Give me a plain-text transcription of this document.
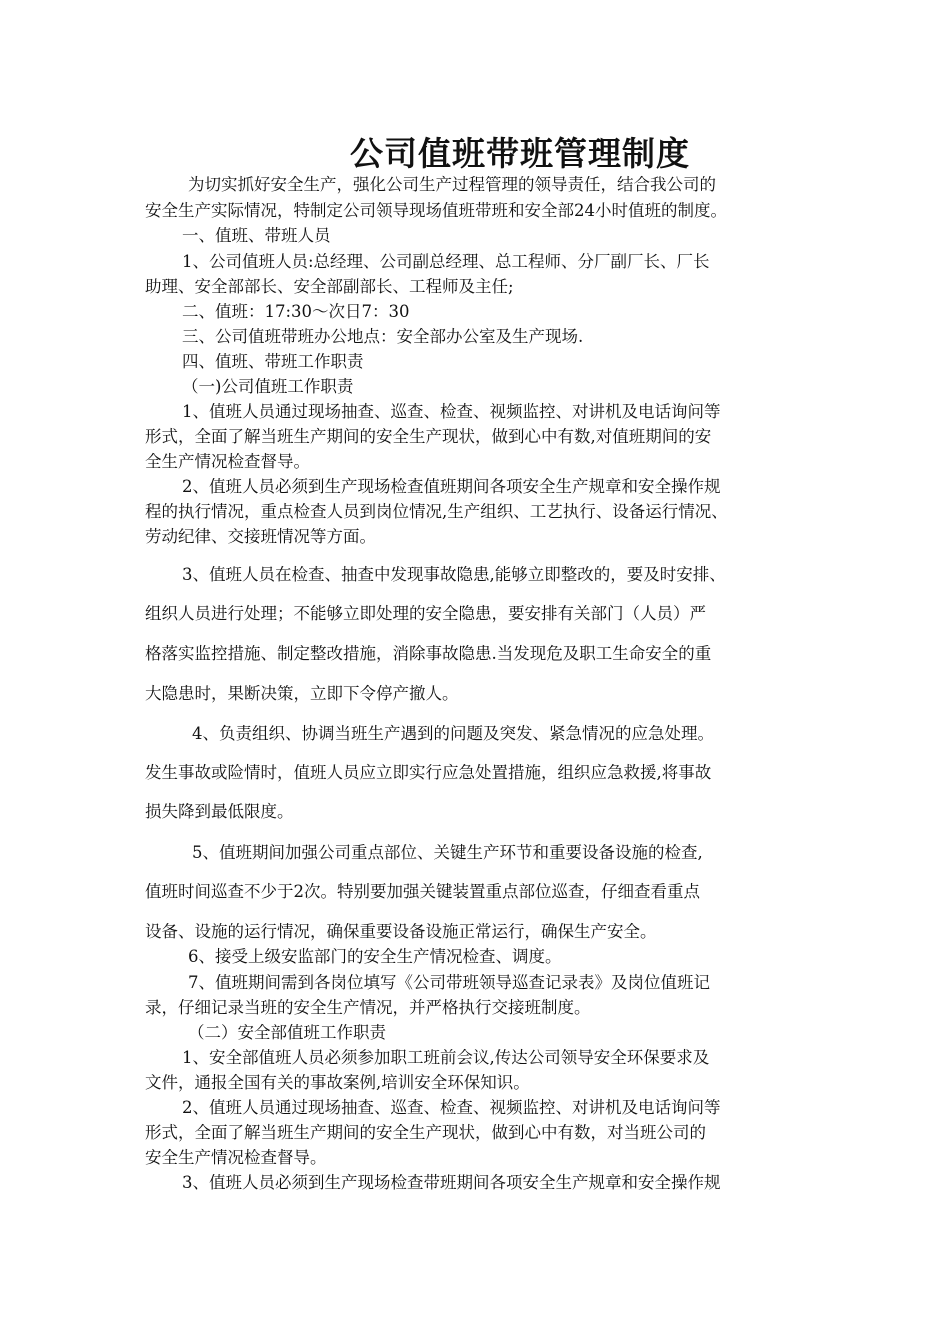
公司值班带班管理制度
为切实抓好安全生产，强化公司生产过程管理的领导责任，结合我公司的
安全生产实际情况，特制定公司领导现场值班带班和安全部24小时值班的制度。
一、值班、带班人员
1、公司值班人员:总经理、公司副总经理、总工程师、分厂副厂长、厂长
助理、安全部部长、安全部副部长、工程师及主任;
二、值班：17:30～次日7：30
三、公司值班带班办公地点：安全部办公室及生产现场.
四、值班、带班工作职责
（一)公司值班工作职责
1、值班人员通过现场抽查、巡查、检查、视频监控、对讲机及电话询问等
形式，全面了解当班生产期间的安全生产现状，做到心中有数,对值班期间的安
全生产情况检查督导。
2、值班人员必须到生产现场检查值班期间各项安全生产规章和安全操作规
程的执行情况，重点检查人员到岗位情况,生产组织、工艺执行、设备运行情况、
劳动纪律、交接班情况等方面。
3、值班人员在检查、抽查中发现事故隐患,能够立即整改的，要及时安排、
组织人员进行处理；不能够立即处理的安全隐患，要安排有关部门（人员）严
格落实监控措施、制定整改措施，消除事故隐患.当发现危及职工生命安全的重
大隐患时，果断决策，立即下令停产撤人。
4、负责组织、协调当班生产遇到的问题及突发、紧急情况的应急处理。
发生事故或险情时，值班人员应立即实行应急处置措施，组织应急救援,将事故
损失降到最低限度。
5、值班期间加强公司重点部位、关键生产环节和重要设备设施的检查,
值班时间巡查不少于2次。特别要加强关键装置重点部位巡查，仔细查看重点
设备、设施的运行情况，确保重要设备设施正常运行，确保生产安全。
6、接受上级安监部门的安全生产情况检查、调度。
7、值班期间需到各岗位填写《公司带班领导巡查记录表》及岗位值班记
录，仔细记录当班的安全生产情况，并严格执行交接班制度。
（二）安全部值班工作职责
1、安全部值班人员必须参加职工班前会议,传达公司领导安全环保要求及
文件，通报全国有关的事故案例,培训安全环保知识。
2、值班人员通过现场抽查、巡查、检查、视频监控、对讲机及电话询问等
形式，全面了解当班生产期间的安全生产现状，做到心中有数，对当班公司的
安全生产情况检查督导。
3、值班人员必须到生产现场检查带班期间各项安全生产规章和安全操作规
